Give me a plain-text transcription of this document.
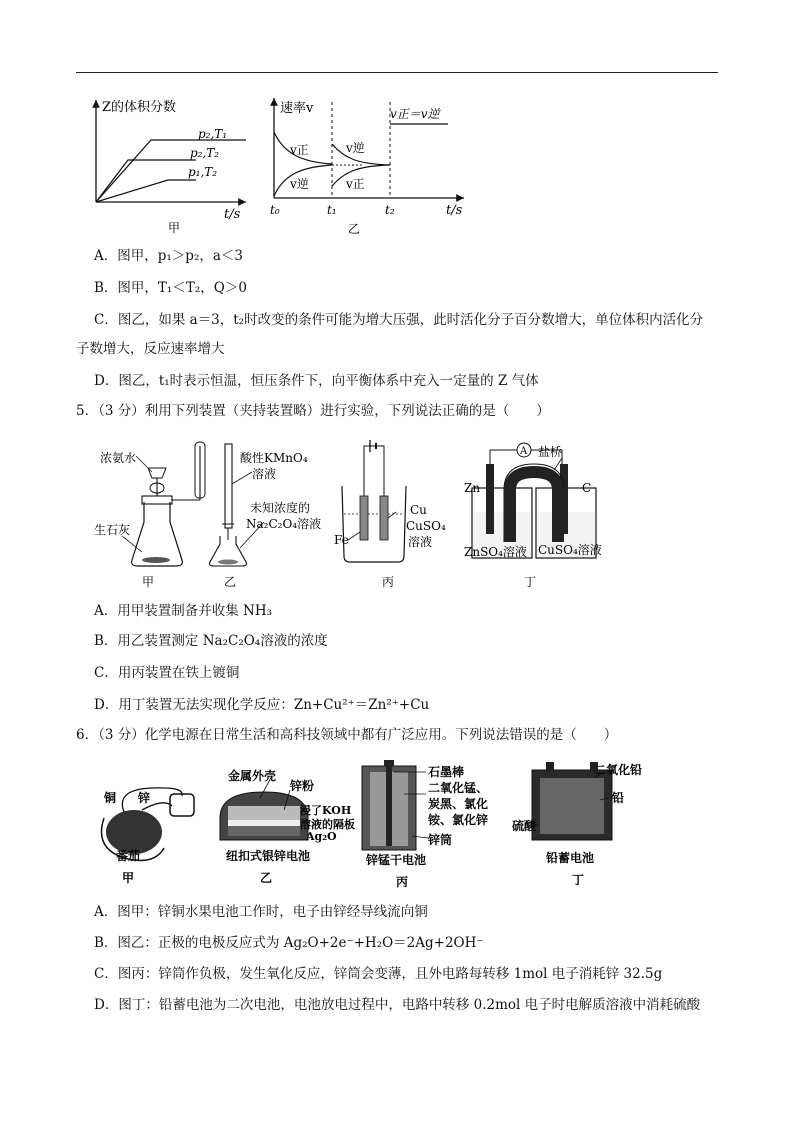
Z的体积分数
p₂,T₁
p₂,T₂
p₁,T₂
t/s
甲
速率v	v正＝v逆
v正
v逆
v逆
v正
t₀	t₁	t₂	t/s
乙
A．图甲，p₁＞p₂，a＜3
B．图甲，T₁＜T₂，Q＞0
C．图乙，如果 a＝3，t₂时改变的条件可能为增大压强，此时活化分子百分数增大，单位体积内活化分
子数增大，反应速率增大
D．图乙，t₁时表示恒温，恒压条件下，向平衡体系中充入一定量的 Z 气体
5．（3 分）利用下列装置（夹持装置略）进行实验，下列说法正确的是（　　）
浓氨水
生石灰
甲
酸性KMnO₄
溶液
未知浓度的
Na₂C₂O₄溶液
乙
Cu
Fe
CuSO₄
溶液
丙
A 盐桥
Zn	C
ZnSO₄溶液 CuSO₄溶液
丁
A．用甲装置制备并收集 NH₃
B．用乙装置测定 Na₂C₂O₄溶液的浓度
C．用丙装置在铁上镀铜
D．用丁装置无法实现化学反应：Zn+Cu²⁺＝Zn²⁺+Cu
6．（3 分）化学电源在日常生活和高科技领域中都有广泛应用。下列说法错误的是（　　）
铜 锌
番茄
甲
金属外壳
锌粉
浸了KOH
溶液的隔板
Ag₂O
纽扣式银锌电池
乙
石墨棒
二氧化锰、
炭黑、氯化
铵、氯化锌
锌筒
锌锰干电池
丙
二氧化铅
铅
硫酸
铅蓄电池
丁
A．图甲：锌铜水果电池工作时，电子由锌经导线流向铜
B．图乙：正极的电极反应式为 Ag₂O+2e⁻+H₂O＝2Ag+2OH⁻
C．图丙：锌筒作负极，发生氧化反应，锌筒会变薄，且外电路每转移 1mol 电子消耗锌 32.5g
D．图丁：铅蓄电池为二次电池，电池放电过程中，电路中转移 0.2mol 电子时电解质溶液中消耗硫酸
